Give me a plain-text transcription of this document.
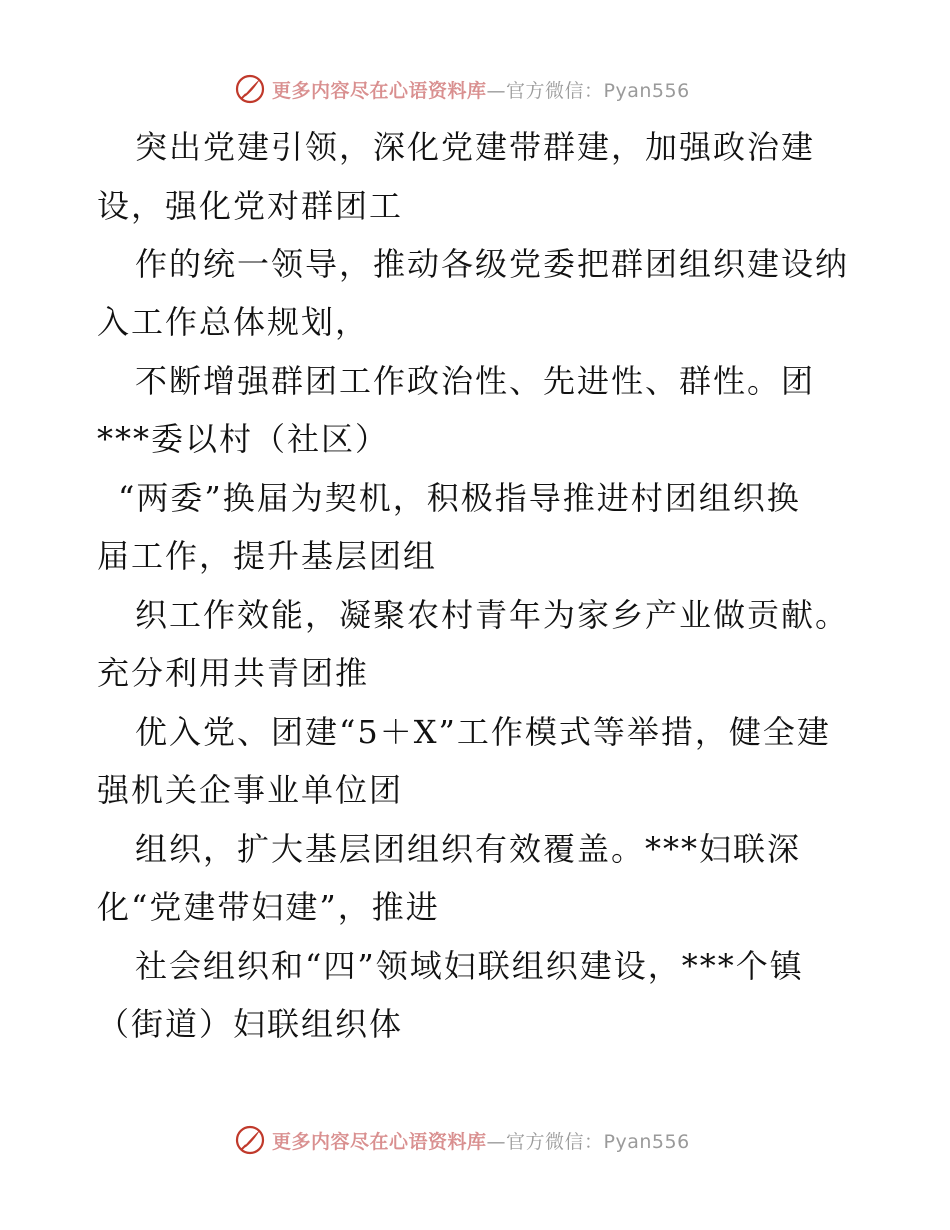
更多内容尽在心语资料库—官方微信：Pyan556
突出党建引领，深化党建带群建，加强政治建
设，强化党对群团工
作的统一领导，推动各级党委把群团组织建设纳
入工作总体规划，
不断增强群团工作政治性、先进性、群性。团
***委以村（社区）
“两委”换届为契机，积极指导推进村团组织换
届工作，提升基层团组
织工作效能，凝聚农村青年为家乡产业做贡献。
充分利用共青团推
优入党、团建“5＋X”工作模式等举措，健全建
强机关企事业单位团
组织，扩大基层团组织有效覆盖。***妇联深
化“党建带妇建”，推进
社会组织和“四”领域妇联组织建设，***个镇
（街道）妇联组织体
更多内容尽在心语资料库—官方微信：Pyan556
